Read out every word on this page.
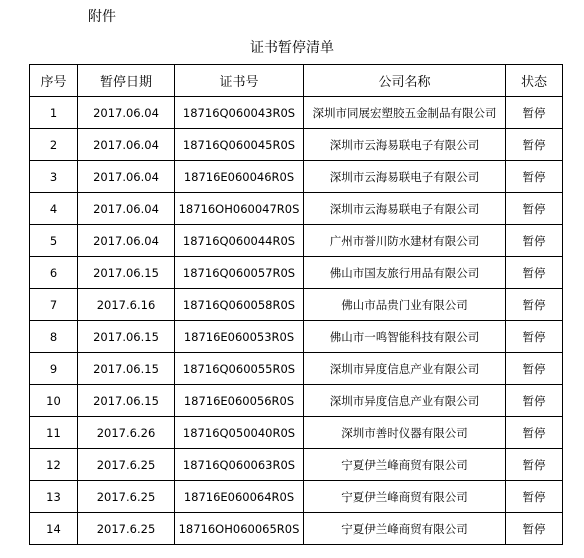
附件
证书暂停清单
序号	暂停日期	证书号	公司名称	状态
1	2017.06.04	18716Q060043R0S	深圳市同展宏塑胶五金制品有限公司	暂停
2	2017.06.04	18716Q060045R0S	深圳市云海易联电子有限公司	暂停
3	2017.06.04	18716E060046R0S	深圳市云海易联电子有限公司	暂停
4	2017.06.04	18716OH060047R0S	深圳市云海易联电子有限公司	暂停
5	2017.06.04	18716Q060044R0S	广州市誉川防水建材有限公司	暂停
6	2017.06.15	18716Q060057R0S	佛山市国友旅行用品有限公司	暂停
7	2017.6.16	18716Q060058R0S	佛山市品贵门业有限公司	暂停
8	2017.06.15	18716E060053R0S	佛山市一鸣智能科技有限公司	暂停
9	2017.06.15	18716Q060055R0S	深圳市异度信息产业有限公司	暂停
10	2017.06.15	18716E060056R0S	深圳市异度信息产业有限公司	暂停
11	2017.6.26	18716Q050040R0S	深圳市善时仪器有限公司	暂停
12	2017.6.25	18716Q060063R0S	宁夏伊兰峰商贸有限公司	暂停
13	2017.6.25	18716E060064R0S	宁夏伊兰峰商贸有限公司	暂停
14	2017.6.25	18716OH060065R0S	宁夏伊兰峰商贸有限公司	暂停
